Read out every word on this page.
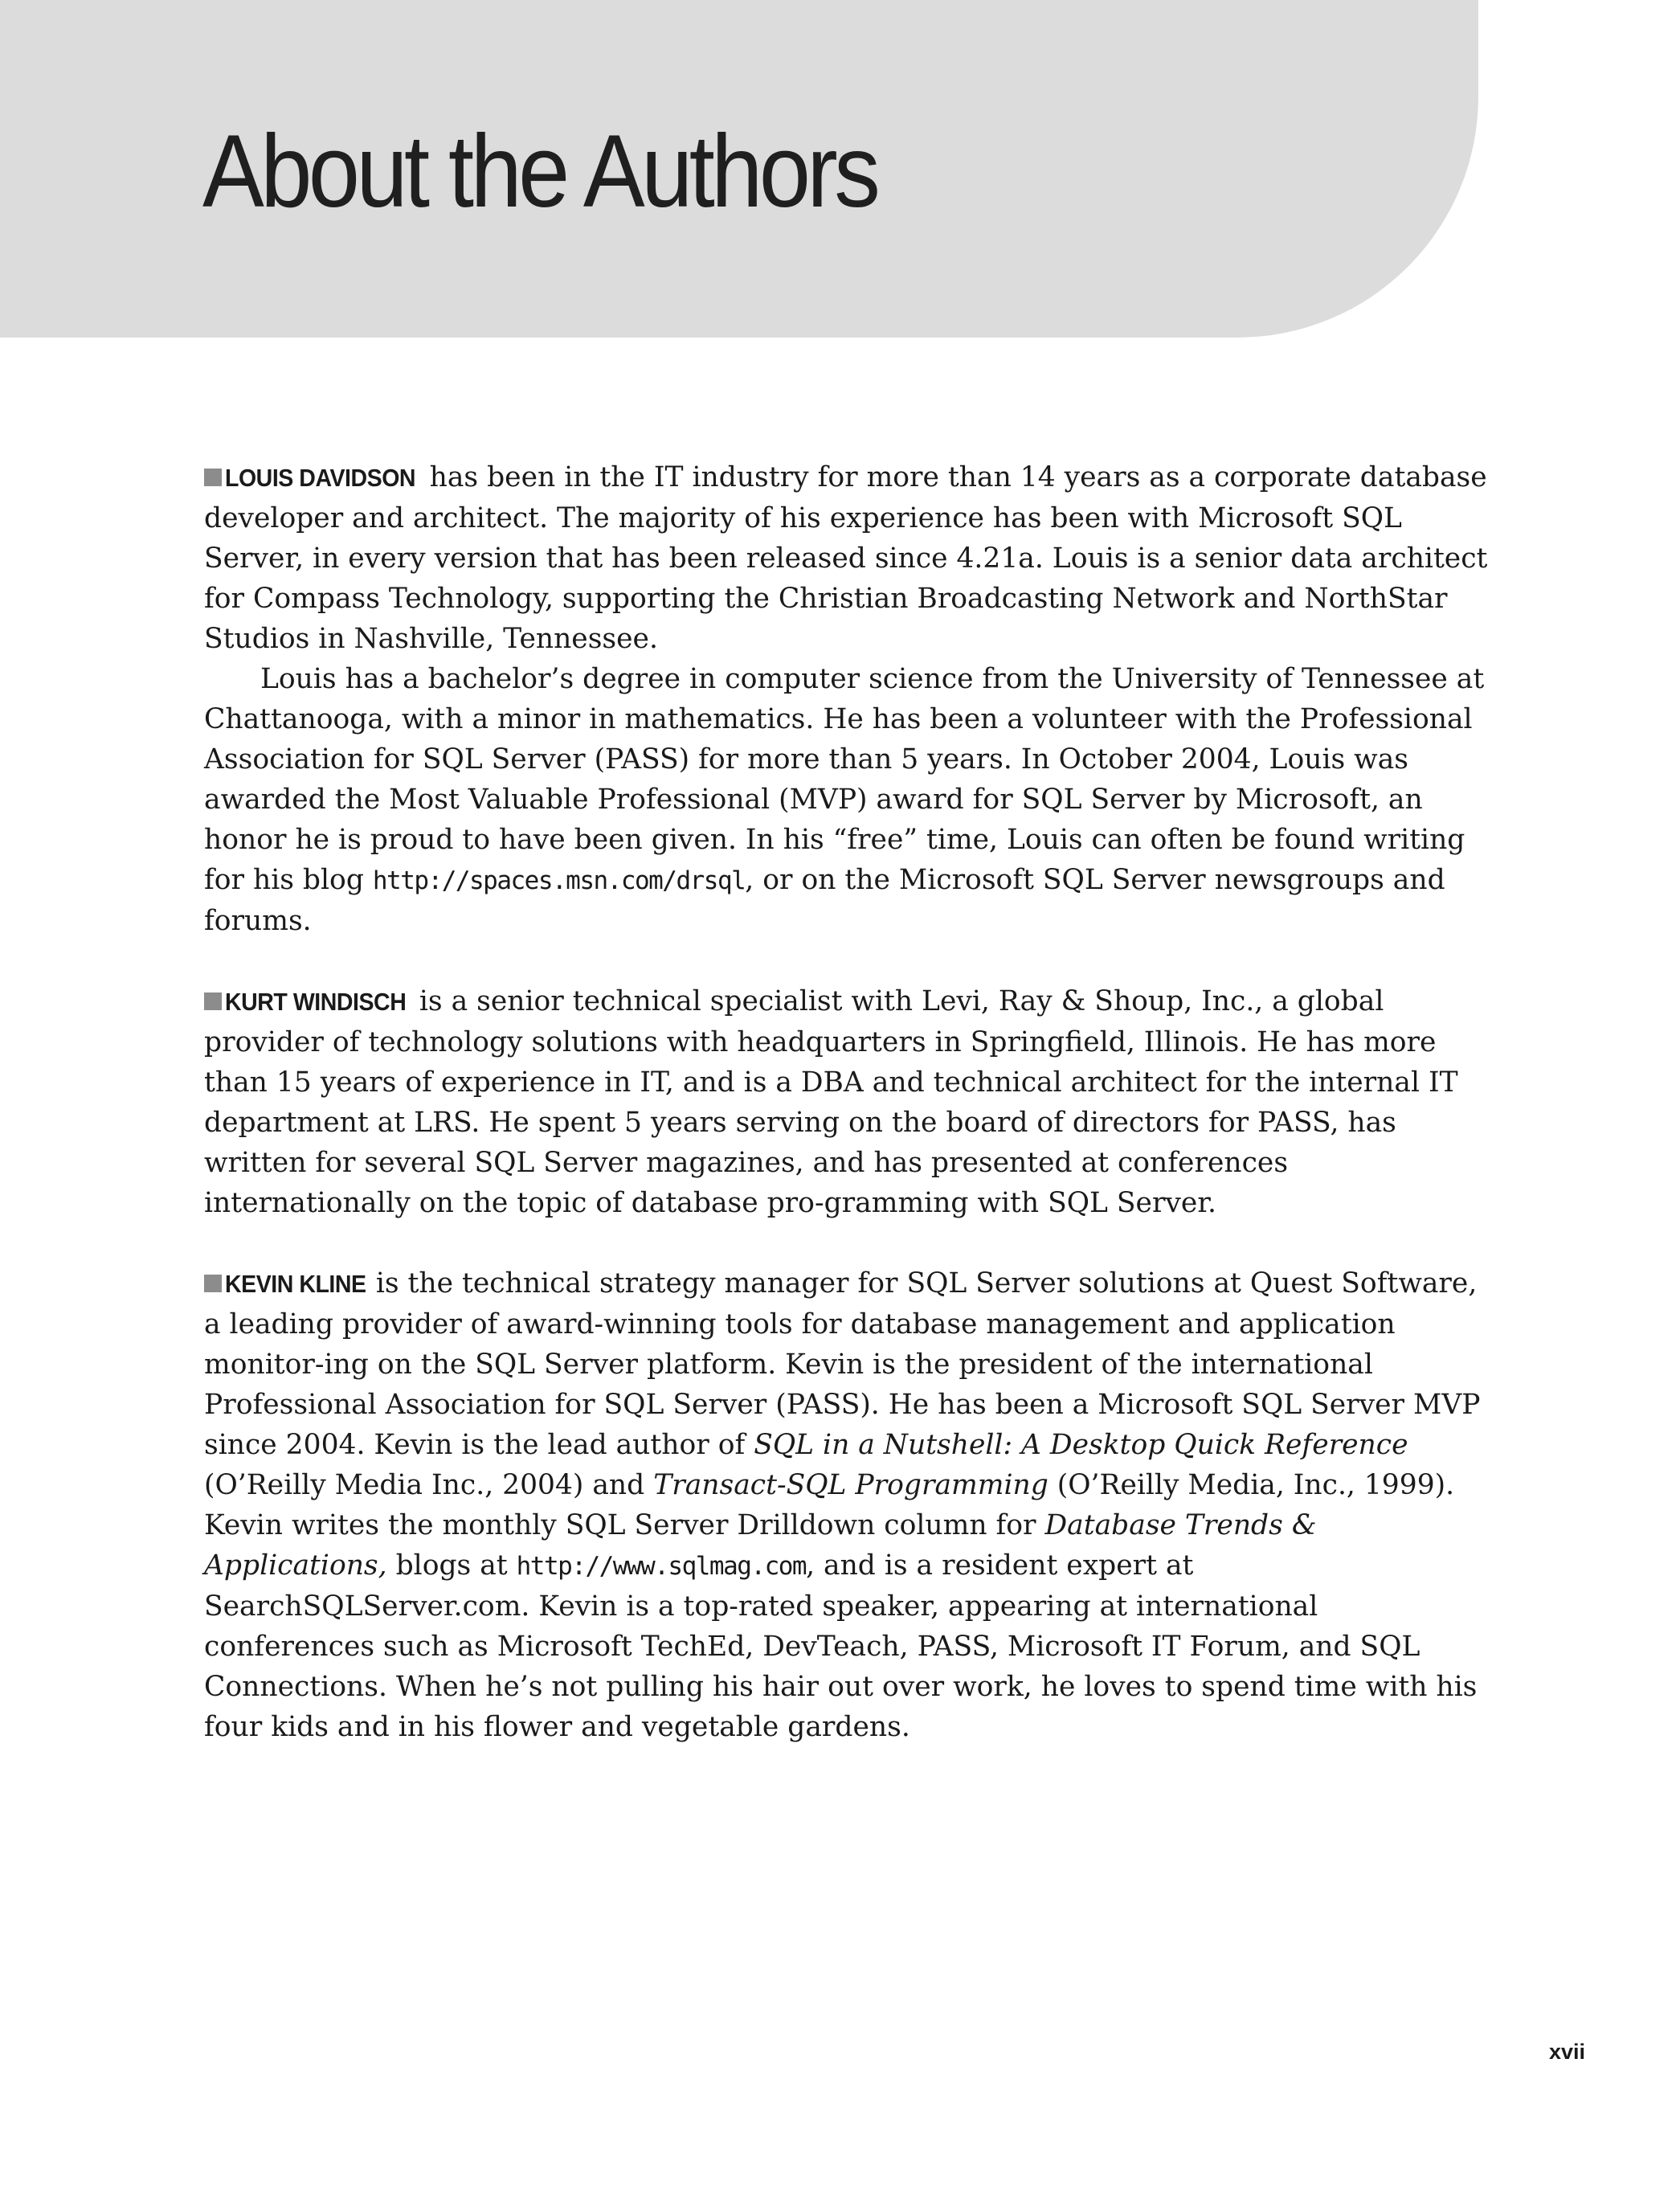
About the Authors

LOUIS DAVIDSON has been in the IT industry for more than 14 years as a corporate database developer and architect. The majority of his experience has been with Microsoft SQL Server, in every version that has been released since 4.21a. Louis is a senior data architect for Compass Technology, supporting the Christian Broadcasting Network and NorthStar Studios in Nashville, Tennessee.

Louis has a bachelor’s degree in computer science from the University of Tennessee at Chattanooga, with a minor in mathematics. He has been a volunteer with the Professional Association for SQL Server (PASS) for more than 5 years. In October 2004, Louis was awarded the Most Valuable Professional (MVP) award for SQL Server by Microsoft, an honor he is proud to have been given. In his “free” time, Louis can often be found writing for his blog http://spaces.msn.com/drsql, or on the Microsoft SQL Server newsgroups and forums.

KURT WINDISCH is a senior technical specialist with Levi, Ray & Shoup, Inc., a global provider of technology solutions with headquarters in Springfield, Illinois. He has more than 15 years of experience in IT, and is a DBA and technical architect for the internal IT department at LRS. He spent 5 years serving on the board of directors for PASS, has written for several SQL Server magazines, and has presented at conferences internationally on the topic of database pro-gramming with SQL Server.

KEVIN KLINE is the technical strategy manager for SQL Server solutions at Quest Software, a leading provider of award-winning tools for database management and application monitor-ing on the SQL Server platform. Kevin is the president of the international Professional Association for SQL Server (PASS). He has been a Microsoft SQL Server MVP since 2004. Kevin is the lead author of SQL in a Nutshell: A Desktop Quick Reference (O’Reilly Media Inc., 2004) and Transact-SQL Programming (O’Reilly Media, Inc., 1999). Kevin writes the monthly SQL Server Drilldown column for Database Trends & Applications, blogs at http://www.sqlmag.com, and is a resident expert at SearchSQLServer.com. Kevin is a top-rated speaker, appearing at international conferences such as Microsoft TechEd, DevTeach, PASS, Microsoft IT Forum, and SQL Connections. When he’s not pulling his hair out over work, he loves to spend time with his four kids and in his flower and vegetable gardens.

xvii
